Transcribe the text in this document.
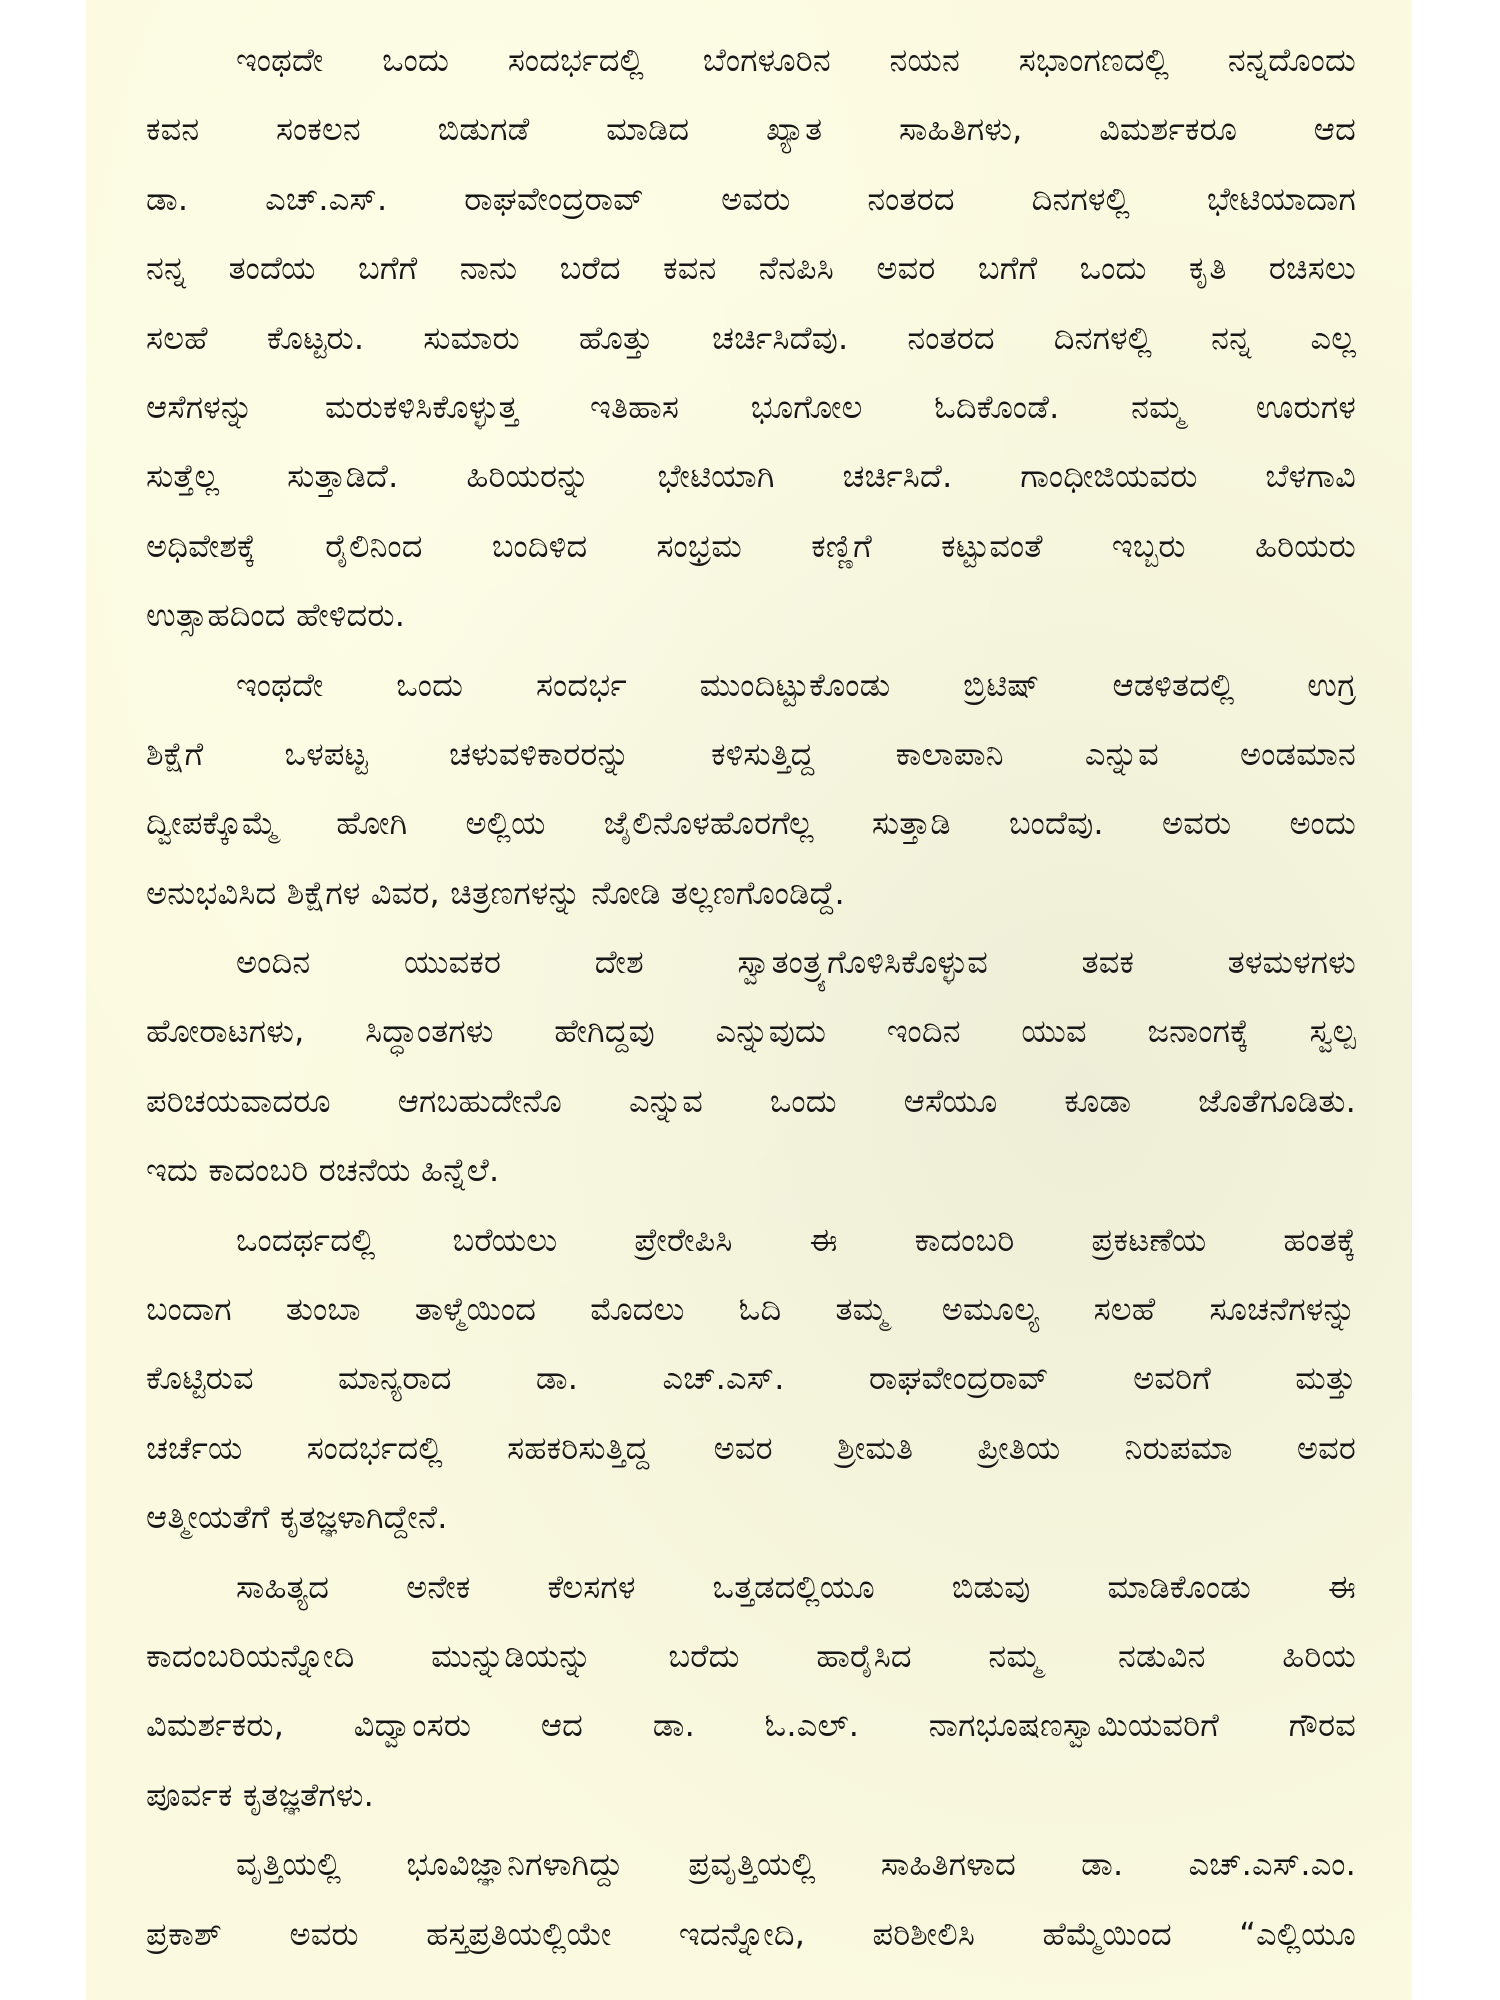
ಇಂಥದೇ ಒಂದು ಸಂದರ್ಭದಲ್ಲಿ ಬೆಂಗಳೂರಿನ ನಯನ ಸಭಾಂಗಣದಲ್ಲಿ ನನ್ನದೊಂದು
ಕವನ ಸಂಕಲನ ಬಿಡುಗಡೆ ಮಾಡಿದ ಖ್ಯಾತ ಸಾಹಿತಿಗಳು, ವಿಮರ್ಶಕರೂ ಆದ
ಡಾ. ಎಚ್.ಎಸ್. ರಾಘವೇಂದ್ರರಾವ್ ಅವರು ನಂತರದ ದಿನಗಳಲ್ಲಿ ಭೇಟಿಯಾದಾಗ
ನನ್ನ ತಂದೆಯ ಬಗೆಗೆ ನಾನು ಬರೆದ ಕವನ ನೆನಪಿಸಿ ಅವರ ಬಗೆಗೆ ಒಂದು ಕೃತಿ ರಚಿಸಲು
ಸಲಹೆ ಕೊಟ್ಟರು. ಸುಮಾರು ಹೊತ್ತು ಚರ್ಚಿಸಿದೆವು. ನಂತರದ ದಿನಗಳಲ್ಲಿ ನನ್ನ ಎಲ್ಲ
ಆಸೆಗಳನ್ನು ಮರುಕಳಿಸಿಕೊಳ್ಳುತ್ತ ಇತಿಹಾಸ ಭೂಗೋಲ ಓದಿಕೊಂಡೆ. ನಮ್ಮ ಊರುಗಳ
ಸುತ್ತೆಲ್ಲ ಸುತ್ತಾಡಿದೆ. ಹಿರಿಯರನ್ನು ಭೇಟಿಯಾಗಿ ಚರ್ಚಿಸಿದೆ. ಗಾಂಧೀಜಿಯವರು ಬೆಳಗಾವಿ
ಅಧಿವೇಶಕ್ಕೆ ರೈಲಿನಿಂದ ಬಂದಿಳಿದ ಸಂಭ್ರಮ ಕಣ್ಣಿಗೆ ಕಟ್ಟುವಂತೆ ಇಬ್ಬರು ಹಿರಿಯರು
ಉತ್ಸಾಹದಿಂದ ಹೇಳಿದರು.
ಇಂಥದೇ ಒಂದು ಸಂದರ್ಭ ಮುಂದಿಟ್ಟುಕೊಂಡು ಬ್ರಿಟಿಷ್ ಆಡಳಿತದಲ್ಲಿ ಉಗ್ರ
ಶಿಕ್ಷೆಗೆ ಒಳಪಟ್ಟ ಚಳುವಳಿಕಾರರನ್ನು ಕಳಿಸುತ್ತಿದ್ದ ಕಾಲಾಪಾನಿ ಎನ್ನುವ ಅಂಡಮಾನ
ದ್ವೀಪಕ್ಕೊಮ್ಮೆ ಹೋಗಿ ಅಲ್ಲಿಯ ಜೈಲಿನೊಳಹೊರಗೆಲ್ಲ ಸುತ್ತಾಡಿ ಬಂದೆವು. ಅವರು ಅಂದು
ಅನುಭವಿಸಿದ ಶಿಕ್ಷೆಗಳ ವಿವರ, ಚಿತ್ರಣಗಳನ್ನು ನೋಡಿ ತಲ್ಲಣಗೊಂಡಿದ್ದೆ.
ಅಂದಿನ ಯುವಕರ ದೇಶ ಸ್ವಾತಂತ್ರ್ಯಗೊಳಿಸಿಕೊಳ್ಳುವ ತವಕ ತಳಮಳಗಳು
ಹೋರಾಟಗಳು, ಸಿದ್ಧಾಂತಗಳು ಹೇಗಿದ್ದವು ಎನ್ನುವುದು ಇಂದಿನ ಯುವ ಜನಾಂಗಕ್ಕೆ ಸ್ವಲ್ಪ
ಪರಿಚಯವಾದರೂ ಆಗಬಹುದೇನೊ ಎನ್ನುವ ಒಂದು ಆಸೆಯೂ ಕೂಡಾ ಜೊತೆಗೂಡಿತು.
ಇದು ಕಾದಂಬರಿ ರಚನೆಯ ಹಿನ್ನೆಲೆ.
ಒಂದರ್ಥದಲ್ಲಿ ಬರೆಯಲು ಪ್ರೇರೇಪಿಸಿ ಈ ಕಾದಂಬರಿ ಪ್ರಕಟಣೆಯ ಹಂತಕ್ಕೆ
ಬಂದಾಗ ತುಂಬಾ ತಾಳ್ಮೆಯಿಂದ ಮೊದಲು ಓದಿ ತಮ್ಮ ಅಮೂಲ್ಯ ಸಲಹೆ ಸೂಚನೆಗಳನ್ನು
ಕೊಟ್ಟಿರುವ ಮಾನ್ಯರಾದ ಡಾ. ಎಚ್.ಎಸ್. ರಾಘವೇಂದ್ರರಾವ್ ಅವರಿಗೆ ಮತ್ತು
ಚರ್ಚೆಯ ಸಂದರ್ಭದಲ್ಲಿ ಸಹಕರಿಸುತ್ತಿದ್ದ ಅವರ ಶ್ರೀಮತಿ ಪ್ರೀತಿಯ ನಿರುಪಮಾ ಅವರ
ಆತ್ಮೀಯತೆಗೆ ಕೃತಜ್ಞಳಾಗಿದ್ದೇನೆ.
ಸಾಹಿತ್ಯದ ಅನೇಕ ಕೆಲಸಗಳ ಒತ್ತಡದಲ್ಲಿಯೂ ಬಿಡುವು ಮಾಡಿಕೊಂಡು ಈ
ಕಾದಂಬರಿಯನ್ನೋದಿ ಮುನ್ನುಡಿಯನ್ನು ಬರೆದು ಹಾರೈಸಿದ ನಮ್ಮ ನಡುವಿನ ಹಿರಿಯ
ವಿಮರ್ಶಕರು, ವಿದ್ವಾಂಸರು ಆದ ಡಾ. ಓ.ಎಲ್. ನಾಗಭೂಷಣಸ್ವಾಮಿಯವರಿಗೆ ಗೌರವ
ಪೂರ್ವಕ ಕೃತಜ್ಞತೆಗಳು.
ವೃತ್ತಿಯಲ್ಲಿ ಭೂವಿಜ್ಞಾನಿಗಳಾಗಿದ್ದು ಪ್ರವೃತ್ತಿಯಲ್ಲಿ ಸಾಹಿತಿಗಳಾದ ಡಾ. ಎಚ್.ಎಸ್.ಎಂ.
ಪ್ರಕಾಶ್ ಅವರು ಹಸ್ತಪ್ರತಿಯಲ್ಲಿಯೇ ಇದನ್ನೋದಿ, ಪರಿಶೀಲಿಸಿ ಹೆಮ್ಮೆಯಿಂದ “ಎಲ್ಲಿಯೂ
